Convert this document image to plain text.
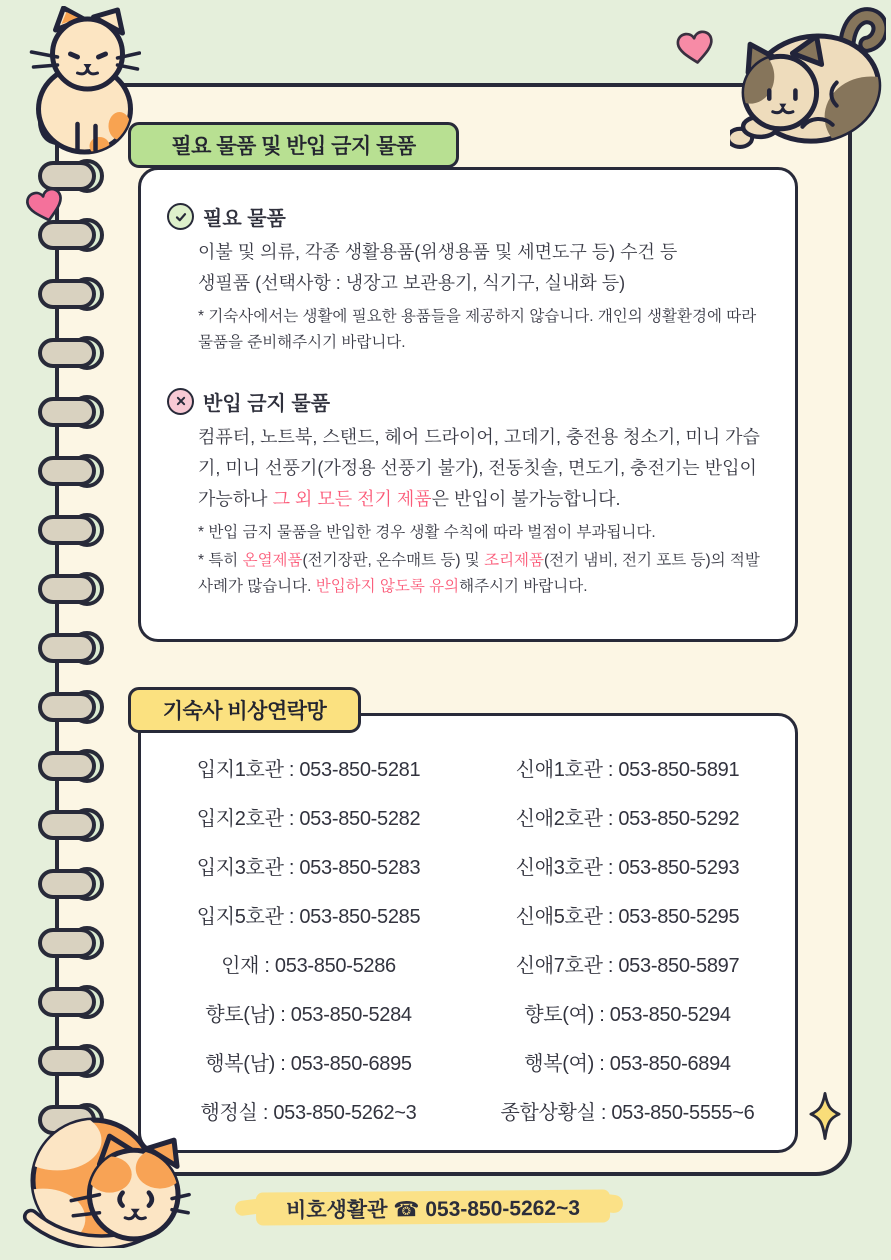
필요 물품 및 반입 금지 물품
필요 물품

이불 및 의류, 각종 생활용품(위생용품 및 세면도구 등) 수건 등

생필품 (선택사항 : 냉장고 보관용기, 식기구, 실내화 등)

* 기숙사에서는 생활에 필요한 용품들을 제공하지 않습니다. 개인의 생활환경에 따라 물품을 준비해주시기 바랍니다.

반입 금지 물품

컴퓨터, 노트북, 스탠드, 헤어 드라이어, 고데기, 충전용 청소기, 미니 가습기, 미니 선풍기(가정용 선풍기 불가), 전동칫솔, 면도기, 충전기는 반입이 가능하나 그 외 모든 전기 제품은 반입이 불가능합니다.

* 반입 금지 물품을 반입한 경우 생활 수칙에 따라 벌점이 부과됩니다.

* 특히 온열제품(전기장판, 온수매트 등) 및 조리제품(전기 냄비, 전기 포트 등)의 적발 사례가 많습니다. 반입하지 않도록 유의해주시기 바랍니다.

기숙사 비상연락망
입지1호관 : 053-850-5281	신애1호관 : 053-850-5891
입지2호관 : 053-850-5282	신애2호관 : 053-850-5292
입지3호관 : 053-850-5283	신애3호관 : 053-850-5293
입지5호관 : 053-850-5285	신애5호관 : 053-850-5295
인재 : 053-850-5286	신애7호관 : 053-850-5897
향토(남) : 053-850-5284	향토(여) : 053-850-5294
행복(남) : 053-850-6895	행복(여) : 053-850-6894
행정실 : 053-850-5262~3	종합상황실 : 053-850-5555~6
비호생활관 ☎ 053-850-5262~3
